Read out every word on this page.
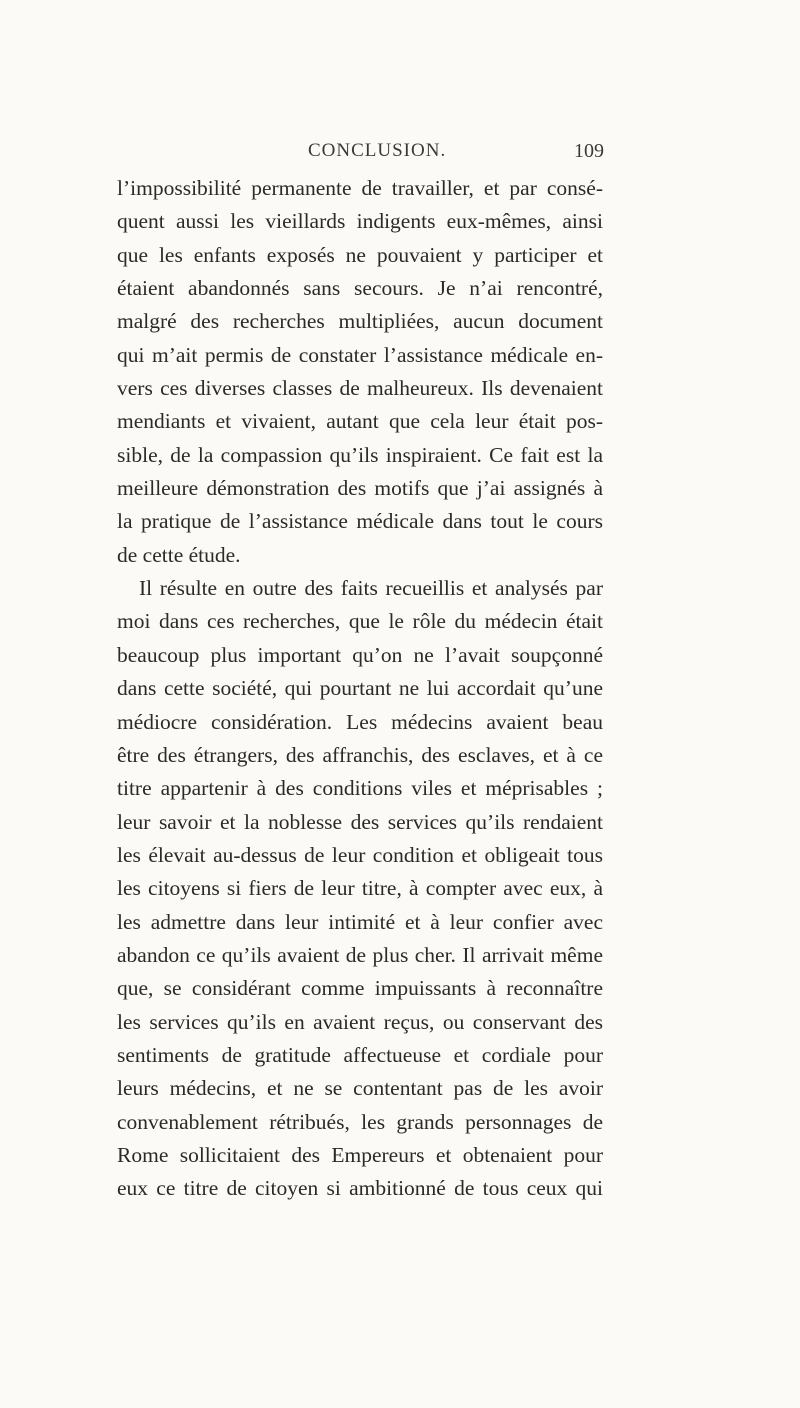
CONCLUSION.	109
l’impossibilité permanente de travailler, et par consé-
quent aussi les vieillards indigents eux-mêmes, ainsi
que les enfants exposés ne pouvaient y participer et
étaient abandonnés sans secours. Je n’ai rencontré,
malgré des recherches multipliées, aucun document
qui m’ait permis de constater l’assistance médicale en-
vers ces diverses classes de malheureux. Ils devenaient
mendiants et vivaient, autant que cela leur était pos-
sible, de la compassion qu’ils inspiraient. Ce fait est la
meilleure démonstration des motifs que j’ai assignés à
la pratique de l’assistance médicale dans tout le cours
de cette étude.
Il résulte en outre des faits recueillis et analysés par
moi dans ces recherches, que le rôle du médecin était
beaucoup plus important qu’on ne l’avait soupçonné
dans cette société, qui pourtant ne lui accordait qu’une
médiocre considération. Les médecins avaient beau
être des étrangers, des affranchis, des esclaves, et à ce
titre appartenir à des conditions viles et méprisables ;
leur savoir et la noblesse des services qu’ils rendaient
les élevait au-dessus de leur condition et obligeait tous
les citoyens si fiers de leur titre, à compter avec eux, à
les admettre dans leur intimité et à leur confier avec
abandon ce qu’ils avaient de plus cher. Il arrivait même
que, se considérant comme impuissants à reconnaître
les services qu’ils en avaient reçus, ou conservant des
sentiments de gratitude affectueuse et cordiale pour
leurs médecins, et ne se contentant pas de les avoir
convenablement rétribués, les grands personnages de
Rome sollicitaient des Empereurs et obtenaient pour
eux ce titre de citoyen si ambitionné de tous ceux qui
